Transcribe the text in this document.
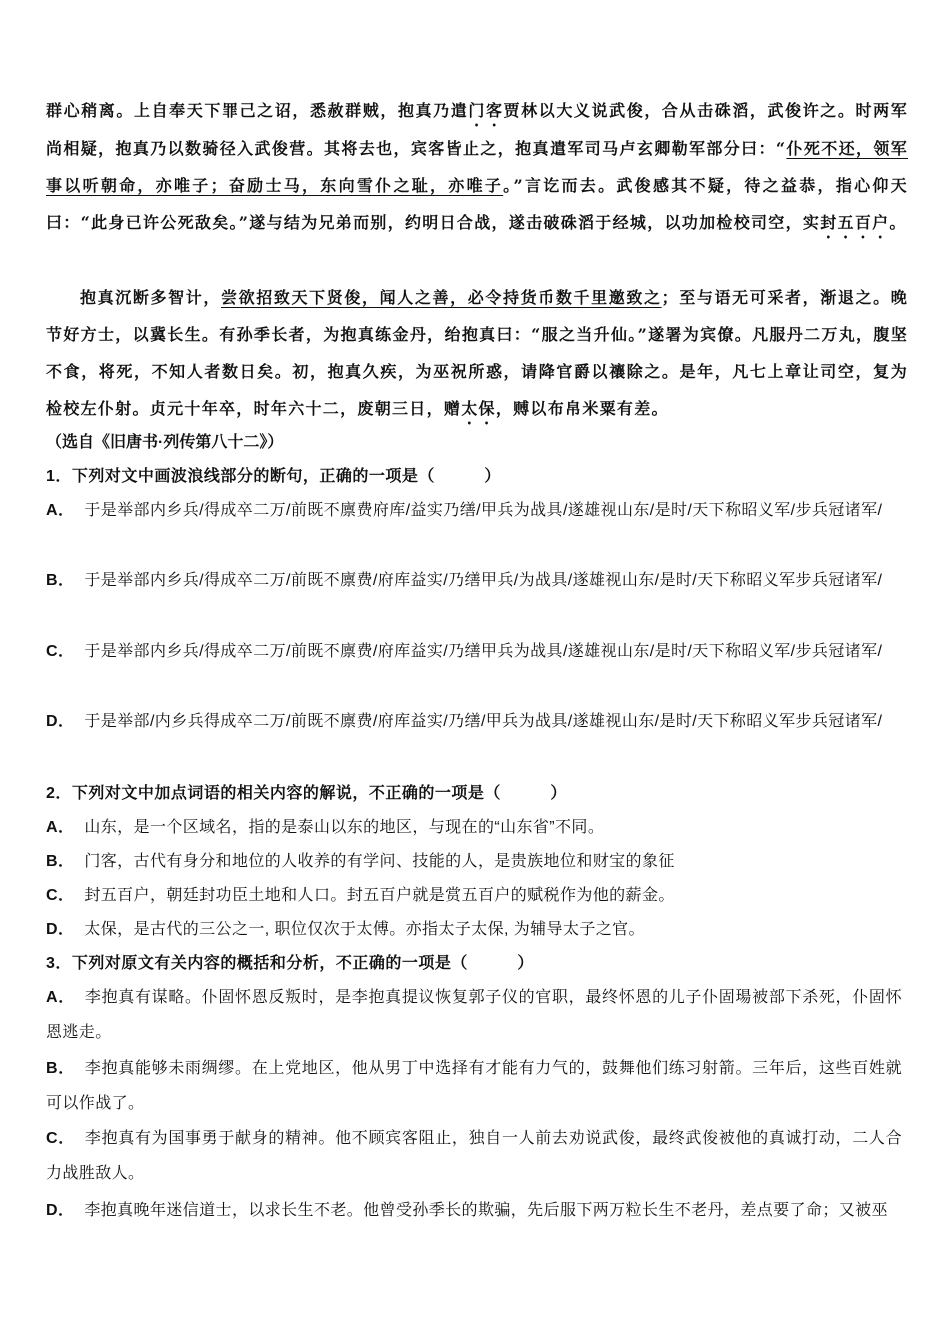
群心稍离。上自奉天下罪己之诏，悉赦群贼，抱真乃遣门客贾林以大义说武俊，合从击硃滔，武俊许之。时两军尚相疑，抱真乃以数骑径入武俊营。其将去也，宾客皆止之，抱真遣军司马卢玄卿勒军部分曰：“仆死不还，领军事以听朝命，亦唯子；奋励士马，东向雪仆之耻，亦唯子。”言讫而去。武俊感其不疑，待之益恭，指心仰天曰：“此身已许公死敌矣。”遂与结为兄弟而别，约明日合战，遂击破硃滔于经城，以功加检校司空，实封五百户。

抱真沉断多智计，尝欲招致天下贤俊，闻人之善，必令持货币数千里邀致之；至与语无可采者，渐退之。晚节好方士，以冀长生。有孙季长者，为抱真练金丹，绐抱真曰：“服之当升仙。”遂署为宾僚。凡服丹二万丸，腹坚不食，将死，不知人者数日矣。初，抱真久疾，为巫祝所惑，请降官爵以禳除之。是年，凡七上章让司空，复为检校左仆射。贞元十年卒，时年六十二，废朝三日，赠太保，赙以布帛米粟有差。

（选自《旧唐书·列传第八十二》）

1．下列对文中画波浪线部分的断句，正确的一项是（　　　）

A． 于是举部内乡兵/得成卒二万/前既不廪费府库/益实乃缮/甲兵为战具/遂雄视山东/是时/天下称昭义军/步兵冠诸军/

B． 于是举部内乡兵/得成卒二万/前既不廪费/府库益实/乃缮甲兵/为战具/遂雄视山东/是时/天下称昭义军步兵冠诸军/

C． 于是举部内乡兵/得成卒二万/前既不廪费/府库益实/乃缮甲兵为战具/遂雄视山东/是时/天下称昭义军/步兵冠诸军/

D． 于是举部/内乡兵得成卒二万/前既不廪费/府库益实/乃缮/甲兵为战具/遂雄视山东/是时/天下称昭义军步兵冠诸军/

2．下列对文中加点词语的相关内容的解说，不正确的一项是（　　　）

A． 山东，是一个区域名，指的是泰山以东的地区，与现在的“山东省”不同。

B． 门客，古代有身分和地位的人收养的有学问、技能的人，是贵族地位和财宝的象征

C． 封五百户，朝廷封功臣土地和人口。封五百户就是赏五百户的赋税作为他的薪金。

D． 太保，是古代的三公之一, 职位仅次于太傅。亦指太子太保, 为辅导太子之官。

3．下列对原文有关内容的概括和分析，不正确的一项是（　　　）

A． 李抱真有谋略。仆固怀恩反叛时，是李抱真提议恢复郭子仪的官职，最终怀恩的儿子仆固瑒被部下杀死，仆固怀恩逃走。

B． 李抱真能够未雨绸缪。在上党地区，他从男丁中选择有才能有力气的，鼓舞他们练习射箭。三年后，这些百姓就可以作战了。

C． 李抱真有为国事勇于献身的精神。他不顾宾客阻止，独自一人前去劝说武俊，最终武俊被他的真诚打动，二人合力战胜敌人。

D． 李抱真晚年迷信道士，以求长生不老。他曾受孙季长的欺骗，先后服下两万粒长生不老丹，差点要了命；又被巫
